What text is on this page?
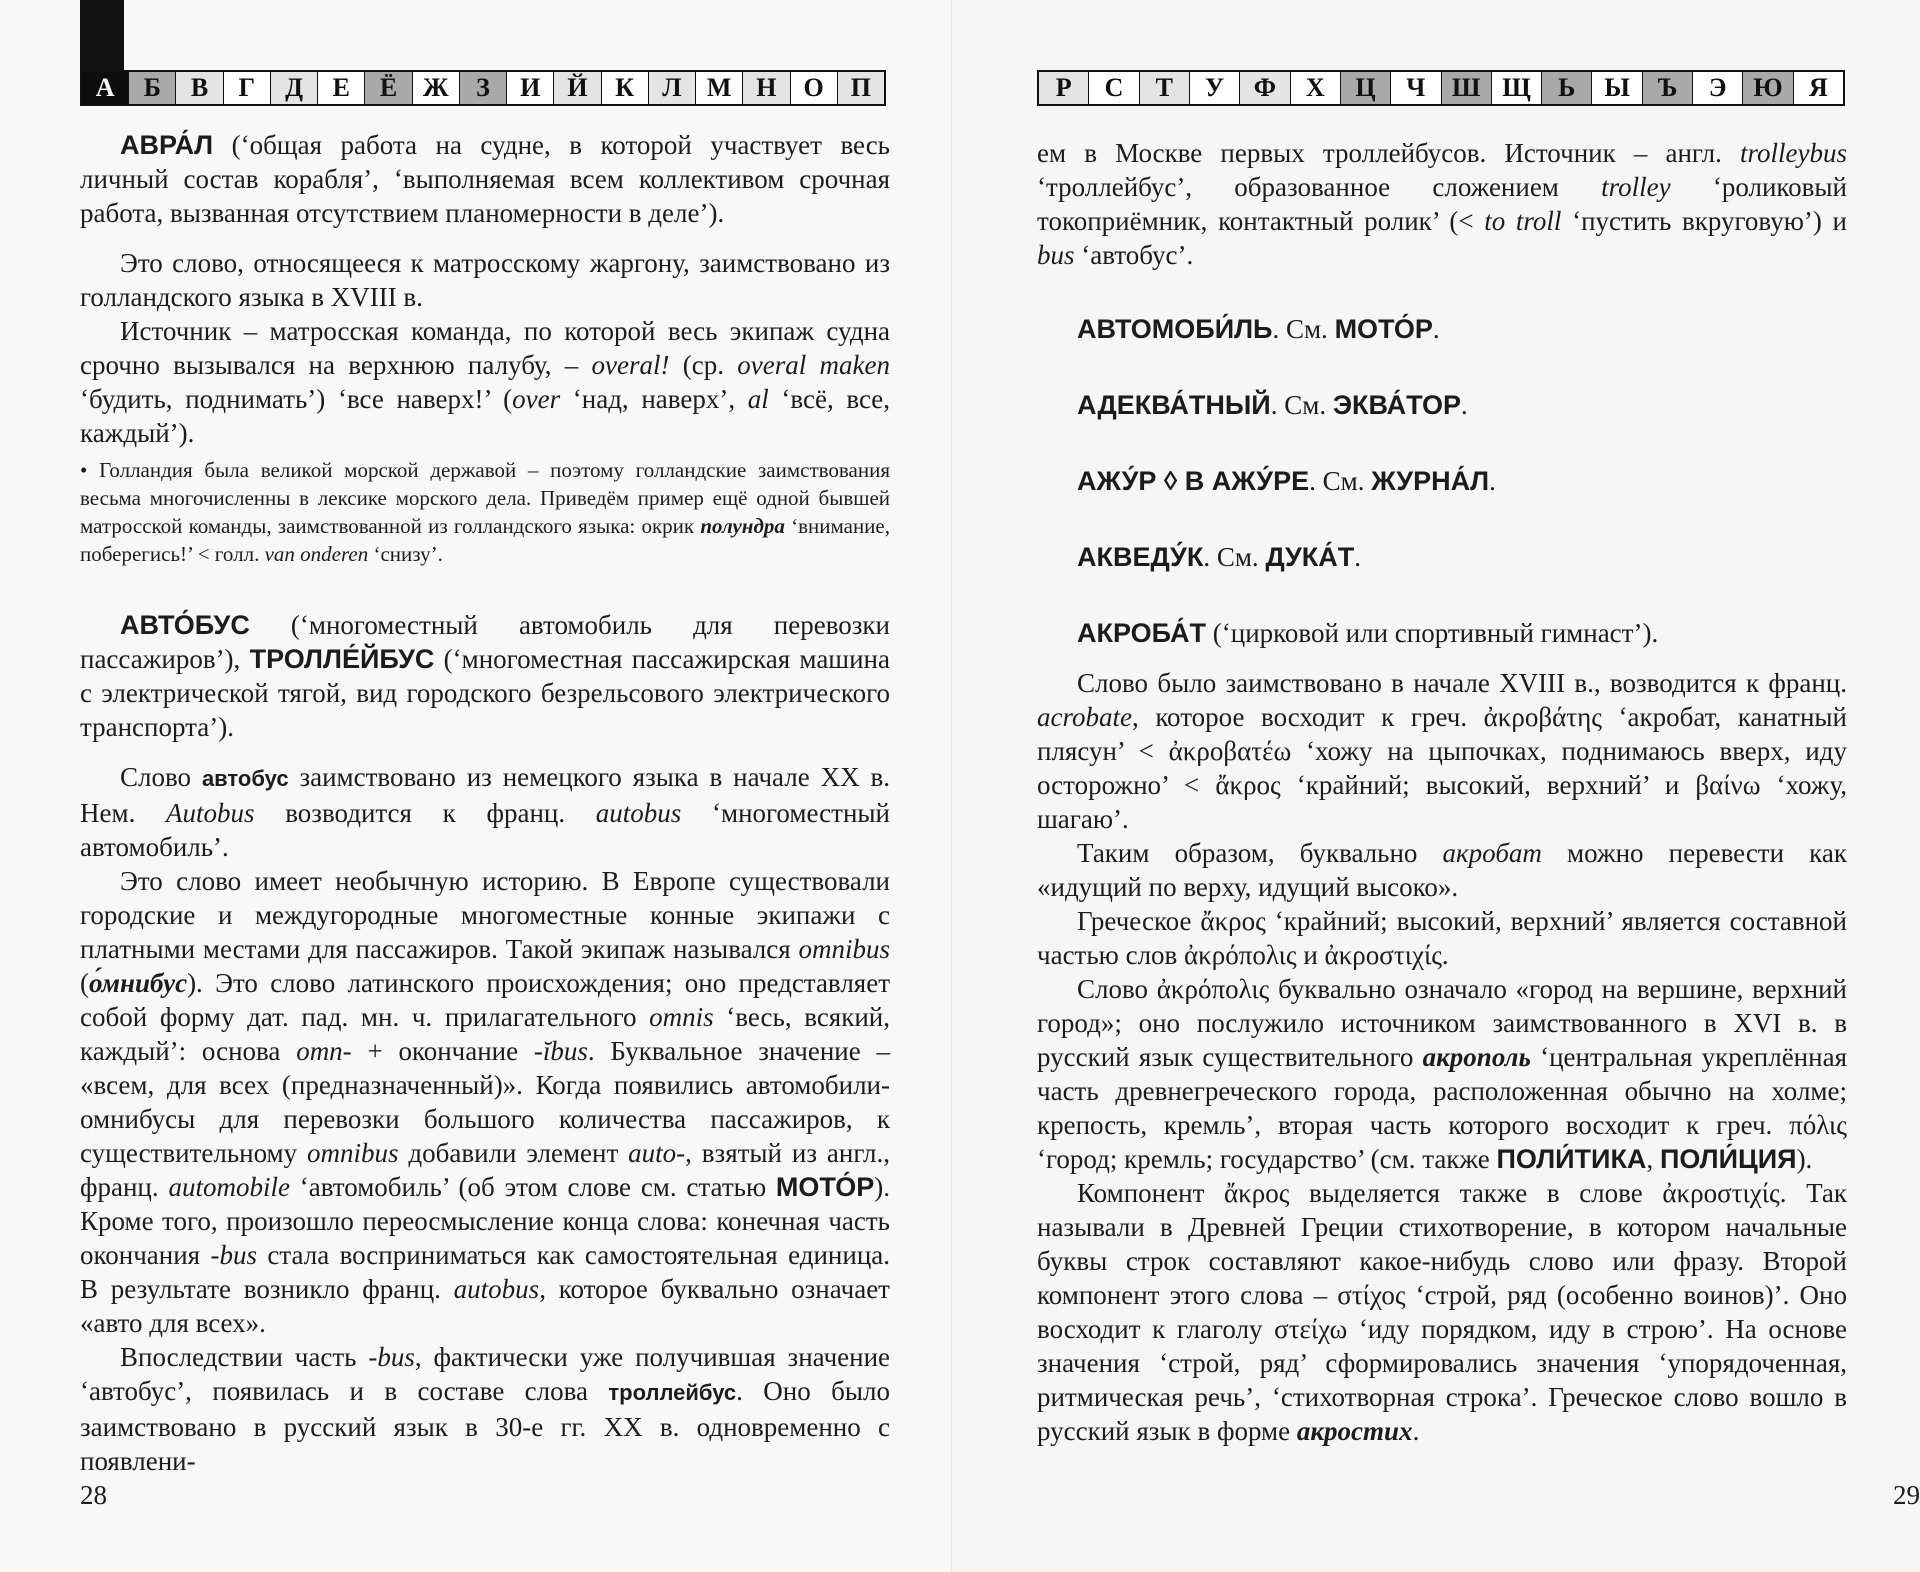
А	Б	В	Г	Д	Е	Ё Ж	З	И	Й	К	Л М Н	О	П

АВРА́Л (‘общая работа на судне, в которой участвует весь личный состав корабля’, ‘выполняемая всем коллективом срочная работа, вызванная отсутствием планомерности в деле’).

Это слово, относящееся к матросскому жаргону, заимствовано из голландского языка в XVIII в.

Источник – матросская команда, по которой весь экипаж судна срочно вызывался на верхнюю палубу, – overal! (ср. overal maken ‘будить, поднимать’) ‘все наверх!’ (over ‘над, наверх’, al ‘всё, все, каждый’).

• Голландия была великой морской державой – поэтому голландские заимствования весьма многочисленны в лексике морского дела. Приведём пример ещё одной бывшей матросской команды, заимствованной из голландского языка: окрик полундра ‘внимание, поберегись!’ < голл. van onderen ‘снизу’.

АВТО́БУС (‘многоместный автомобиль для перевозки пассажиров’), ТРОЛЛЕ́ЙБУС (‘многоместная пассажирская машина с электрической тягой, вид городского безрельсового электрического транспорта’).

Слово автобус заимствовано из немецкого языка в начале XX в. Нем. Autobus возводится к франц. autobus ‘многоместный автомобиль’.

Это слово имеет необычную историю. В Европе существовали городские и междугородные многоместные конные экипажи с платными местами для пассажиров. Такой экипаж назывался omnibus (о́мнибус). Это слово латинского происхождения; оно представляет собой форму дат. пад. мн. ч. прилагательного omnis ‘весь, всякий, каждый’: основа omn- + окончание -ĭbus. Буквальное значение – «всем, для всех (предназначенный)». Когда появились автомобили-омнибусы для перевозки большого количества пассажиров, к существительному omnibus добавили элемент auto-, взятый из англ., франц. automobile ‘автомобиль’ (об этом слове см. статью МОТО́Р). Кроме того, произошло переосмысление конца слова: конечная часть окончания -bus стала восприниматься как самостоятельная единица. В результате возникло франц. autobus, которое буквально означает «авто для всех».

Впоследствии часть -bus, фактически уже получившая значение ‘автобус’, появилась и в составе слова троллейбус. Оно было заимствовано в русский язык в 30-е гг. XX в. одновременно с появлени-

28
Р	С	Т	У	Ф	Х	Ц	Ч	Ш Щ	Ь	Ы	Ъ	Э	Ю	Я

ем в Москве первых троллейбусов. Источник – англ. trolleybus ‘троллейбус’, образованное сложением trolley ‘роликовый токоприёмник, контактный ролик’ (< to troll ‘пустить вкруговую’) и bus ‘автобус’.

АВТОМОБИ́ЛЬ. См. МОТО́Р.

АДЕКВА́ТНЫЙ. См. ЭКВА́ТОР.

АЖУ́Р ◊ В АЖУ́РЕ. См. ЖУРНА́Л.

АКВЕДУ́К. См. ДУКА́Т.

АКРОБА́Т (‘цирковой или спортивный гимнаст’).

Слово было заимствовано в начале XVIII в., возводится к франц. acrobate, которое восходит к греч. ἀκροβάτης ‘акробат, канатный плясун’ < ἀκροβατέω ‘хожу на цыпочках, поднимаюсь вверх, иду осторожно’ < ἄκρος ‘крайний; высокий, верхний’ и βαίνω ‘хожу, шагаю’.

Таким образом, буквально акробат можно перевести как «идущий по верху, идущий высоко».

Греческое ἄκρος ‘крайний; высокий, верхний’ является составной частью слов ἀκρόπολις и ἀκροστιχίς.

Слово ἀκρόπολις буквально означало «город на вершине, верхний город»; оно послужило источником заимствованного в XVI в. в русский язык существительного акрополь ‘центральная укреплённая часть древнегреческого города, расположенная обычно на холме; крепость, кремль’, вторая часть которого восходит к греч. πόλις ‘город; кремль; государство’ (см. также ПОЛИ́ТИКА, ПОЛИ́ЦИЯ).

Компонент ἄκρος выделяется также в слове ἀκροστιχίς. Так называли в Древней Греции стихотворение, в котором начальные буквы строк составляют какое-нибудь слово или фразу. Второй компонент этого слова – στίχος ‘строй, ряд (особенно воинов)’. Оно восходит к глаголу στείχω ‘иду порядком, иду в строю’. На основе значения ‘строй, ряд’ сформировались значения ‘упорядоченная, ритмическая речь’, ‘стихотворная строка’. Греческое слово вошло в русский язык в форме акростих.

29
